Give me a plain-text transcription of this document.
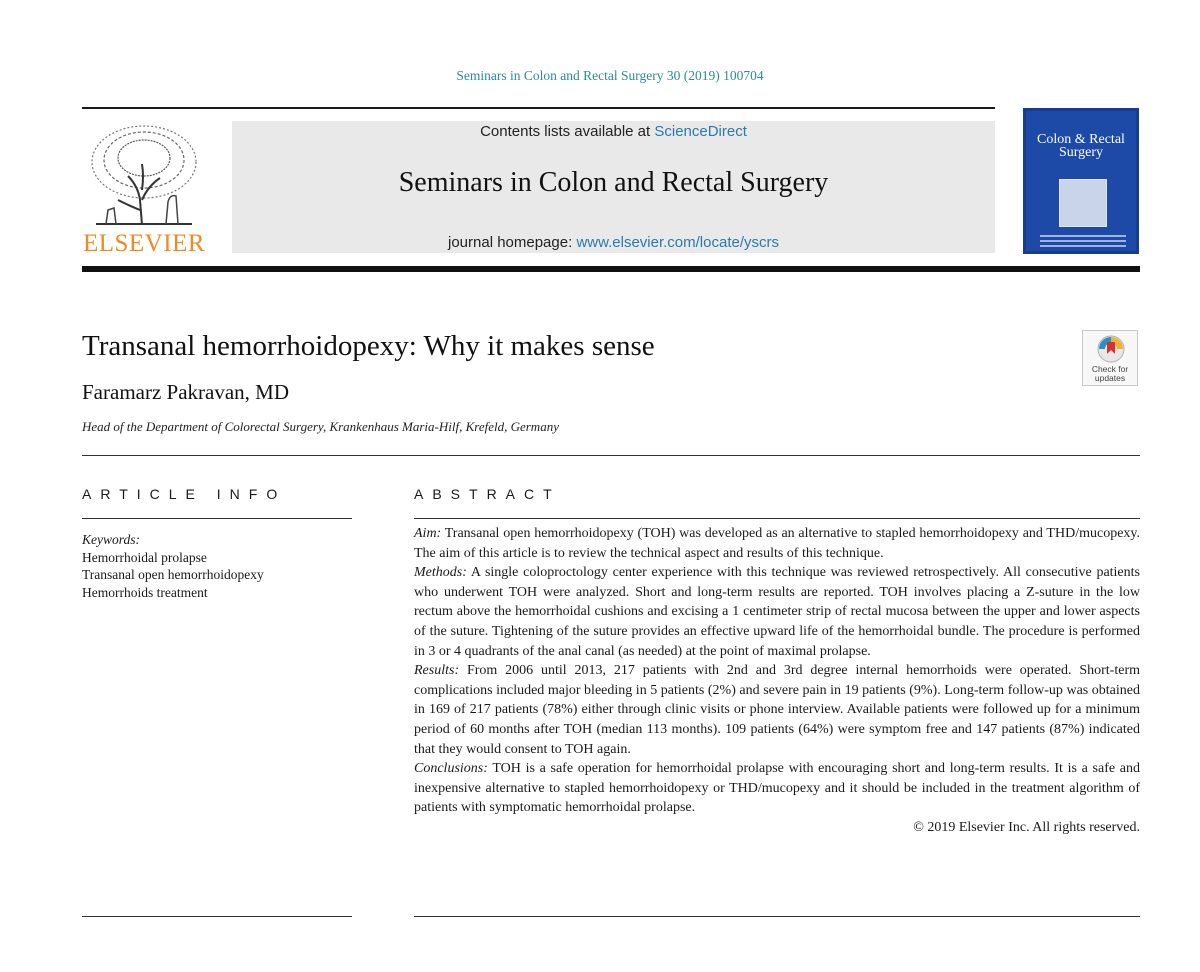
Seminars in Colon and Rectal Surgery 30 (2019) 100704
ELSEVIER
Contents lists available at ScienceDirect
Seminars in Colon and Rectal Surgery
journal homepage: www.elsevier.com/locate/yscrs
Colon & Rectal Surgery
Transanal hemorrhoidopexy: Why it makes sense
Faramarz Pakravan, MD
Head of the Department of Colorectal Surgery, Krankenhaus Maria-Hilf, Krefeld, Germany
Check for updates
ARTICLE INFO	ABSTRACT
Keywords:
Hemorrhoidal prolapse
Transanal open hemorrhoidopexy
Hemorrhoids treatment

Aim: Transanal open hemorrhoidopexy (TOH) was developed as an alternative to stapled hemorrhoidopexy and THD/mucopexy. The aim of this article is to review the technical aspect and results of this technique.

Methods: A single coloproctology center experience with this technique was reviewed retrospectively. All consecutive patients who underwent TOH were analyzed. Short and long-term results are reported. TOH involves placing a Z-suture in the low rectum above the hemorrhoidal cushions and excising a 1 centimeter strip of rectal mucosa between the upper and lower aspects of the suture. Tightening of the suture provides an effective upward life of the hemorrhoidal bundle. The procedure is performed in 3 or 4 quadrants of the anal canal (as needed) at the point of maximal prolapse.

Results: From 2006 until 2013, 217 patients with 2nd and 3rd degree internal hemorrhoids were operated. Short-term complications included major bleeding in 5 patients (2%) and severe pain in 19 patients (9%). Long-term follow-up was obtained in 169 of 217 patients (78%) either through clinic visits or phone interview. Available patients were followed up for a minimum period of 60 months after TOH (median 113 months). 109 patients (64%) were symptom free and 147 patients (87%) indicated that they would consent to TOH again.

Conclusions: TOH is a safe operation for hemorrhoidal prolapse with encouraging short and long-term results. It is a safe and inexpensive alternative to stapled hemorrhoidopexy or THD/mucopexy and it should be included in the treatment algorithm of patients with symptomatic hemorrhoidal prolapse.

© 2019 Elsevier Inc. All rights reserved.
